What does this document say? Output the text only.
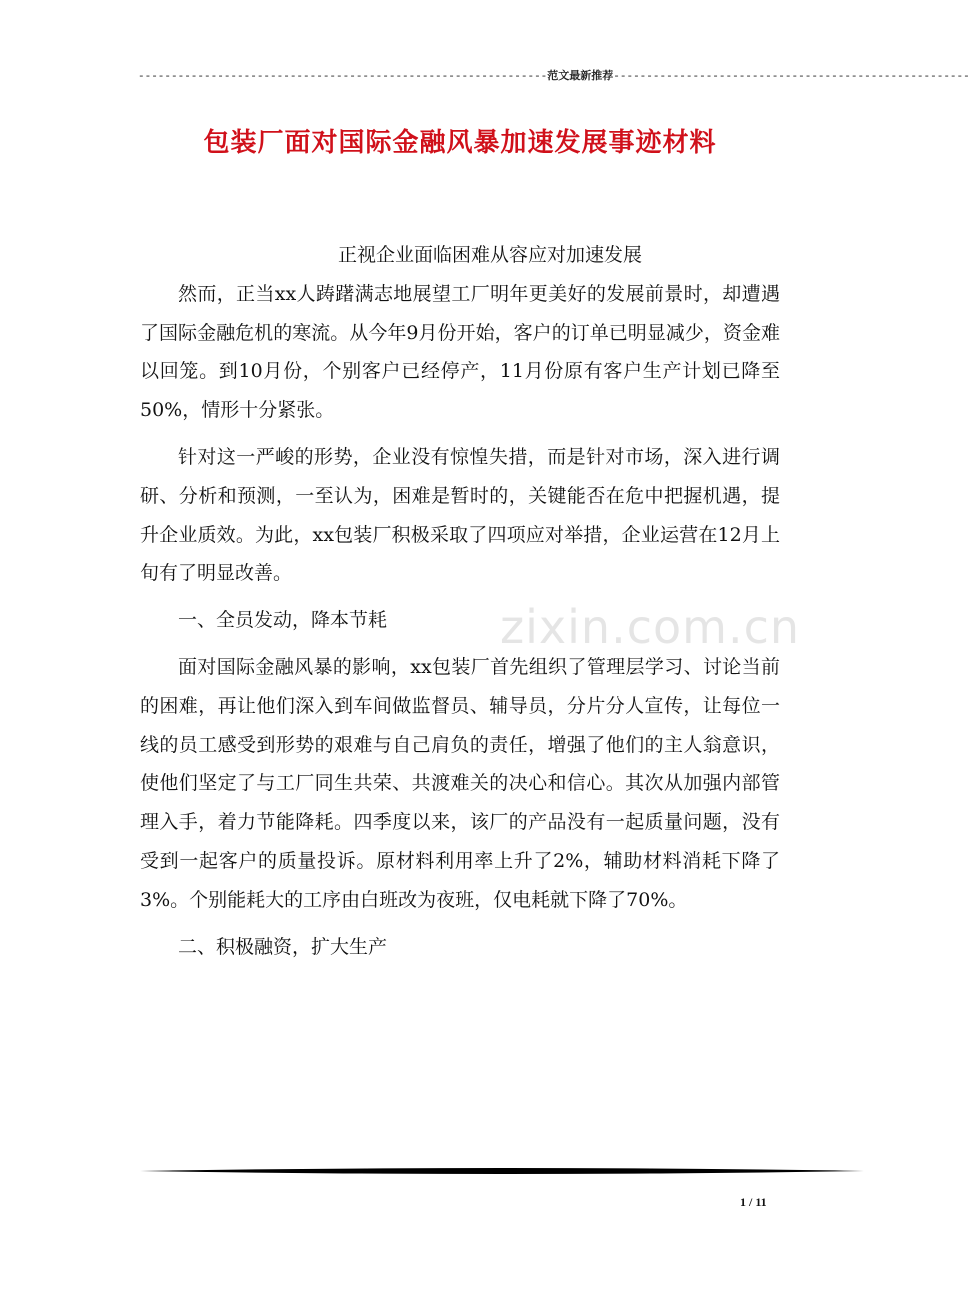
--------------------------------------------------------------范文最新推荐------------------------------------------------------
包装厂面对国际金融风暴加速发展事迹材料

正视企业面临困难从容应对加速发展

然而，正当xx人踌躇满志地展望工厂明年更美好的发展前景时，却遭遇了国际金融危机的寒流。从今年9月份开始，客户的订单已明显减少，资金难以回笼。到10月份，个别客户已经停产，11月份原有客户生产计划已降至50%，情形十分紧张。

针对这一严峻的形势，企业没有惊惶失措，而是针对市场，深入进行调研、分析和预测，一至认为，困难是暂时的，关键能否在危中把握机遇，提升企业质效。为此，xx包装厂积极采取了四项应对举措，企业运营在12月上旬有了明显改善。

一、全员发动，降本节耗

面对国际金融风暴的影响，xx包装厂首先组织了管理层学习、讨论当前的困难，再让他们深入到车间做监督员、辅导员，分片分人宣传，让每位一线的员工感受到形势的艰难与自己肩负的责任，增强了他们的主人翁意识，使他们坚定了与工厂同生共荣、共渡难关的决心和信心。其次从加强内部管理入手，着力节能降耗。四季度以来，该厂的产品没有一起质量问题，没有受到一起客户的质量投诉。原材料利用率上升了2%，辅助材料消耗下降了3%。个别能耗大的工序由白班改为夜班，仅电耗就下降了70%。

二、积极融资，扩大生产

zixin.com.cn
1 / 11
